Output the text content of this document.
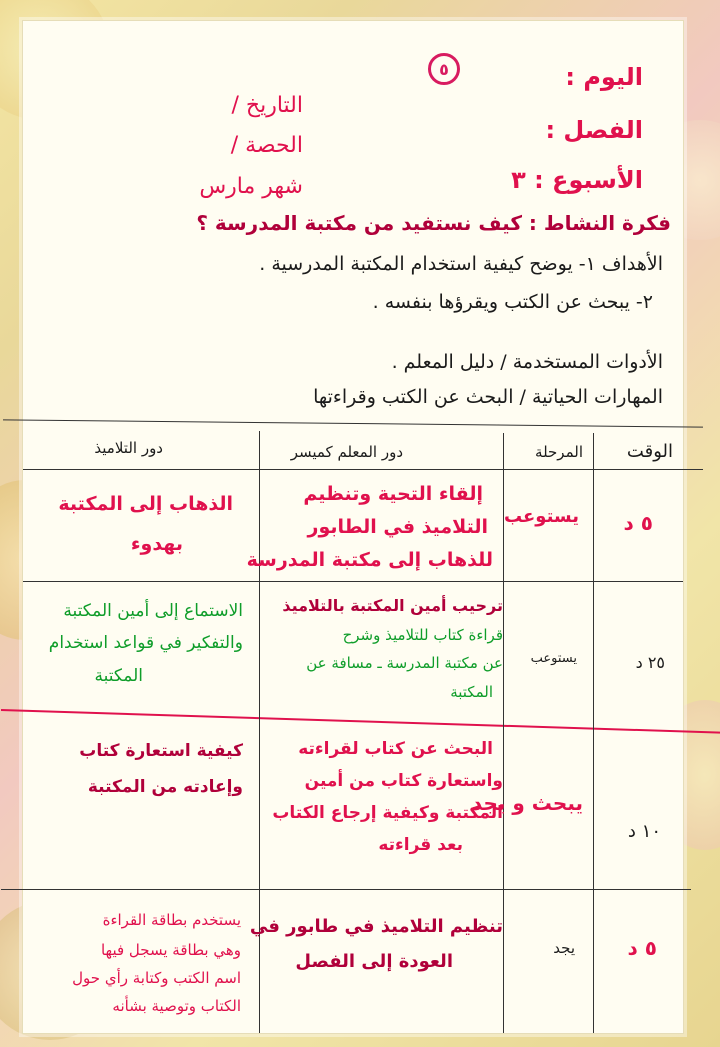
٥	اليوم :
الفصل :
الأسبوع : ٣
التاريخ /
الحصة /
شهر مارس
فكرة النشاط : كيف نستفيد من مكتبة المدرسة ؟
الأهداف ١- يوضح كيفية استخدام المكتبة المدرسية .
٢- يبحث عن الكتب ويقرؤها بنفسه .
الأدوات المستخدمة / دليل المعلم .
المهارات الحياتية / البحث عن الكتب وقراءتها
الوقت
المرحلة
دور المعلم كميسر
دور التلاميذ
٥ د
يستوعب
إلقاء التحية وتنظيم
التلاميذ في الطابور
للذهاب إلى مكتبة المدرسة
الذهاب إلى المكتبة
بهدوء
٢٥ د
يستوعب
ترحيب أمين المكتبة بالتلاميذ
قراءة كتاب للتلاميذ وشرح
عن مكتبة المدرسة ـ مسافة عن
المكتبة
الاستماع إلى أمين المكتبة
والتفكير في قواعد استخدام
المكتبة
١٠ د
يبحث و يجد
البحث عن كتاب لقراءته
واستعارة كتاب من أمين
المكتبة وكيفية إرجاع الكتاب
بعد قراءته
كيفية استعارة كتاب
وإعادته من المكتبة
٥ د
يجد
تنظيم التلاميذ في طابور في
العودة إلى الفصل
يستخدم بطاقة القراءة
وهي بطاقة يسجل فيها
اسم الكتب وكتابة رأي حول
الكتاب وتوصية بشأنه
